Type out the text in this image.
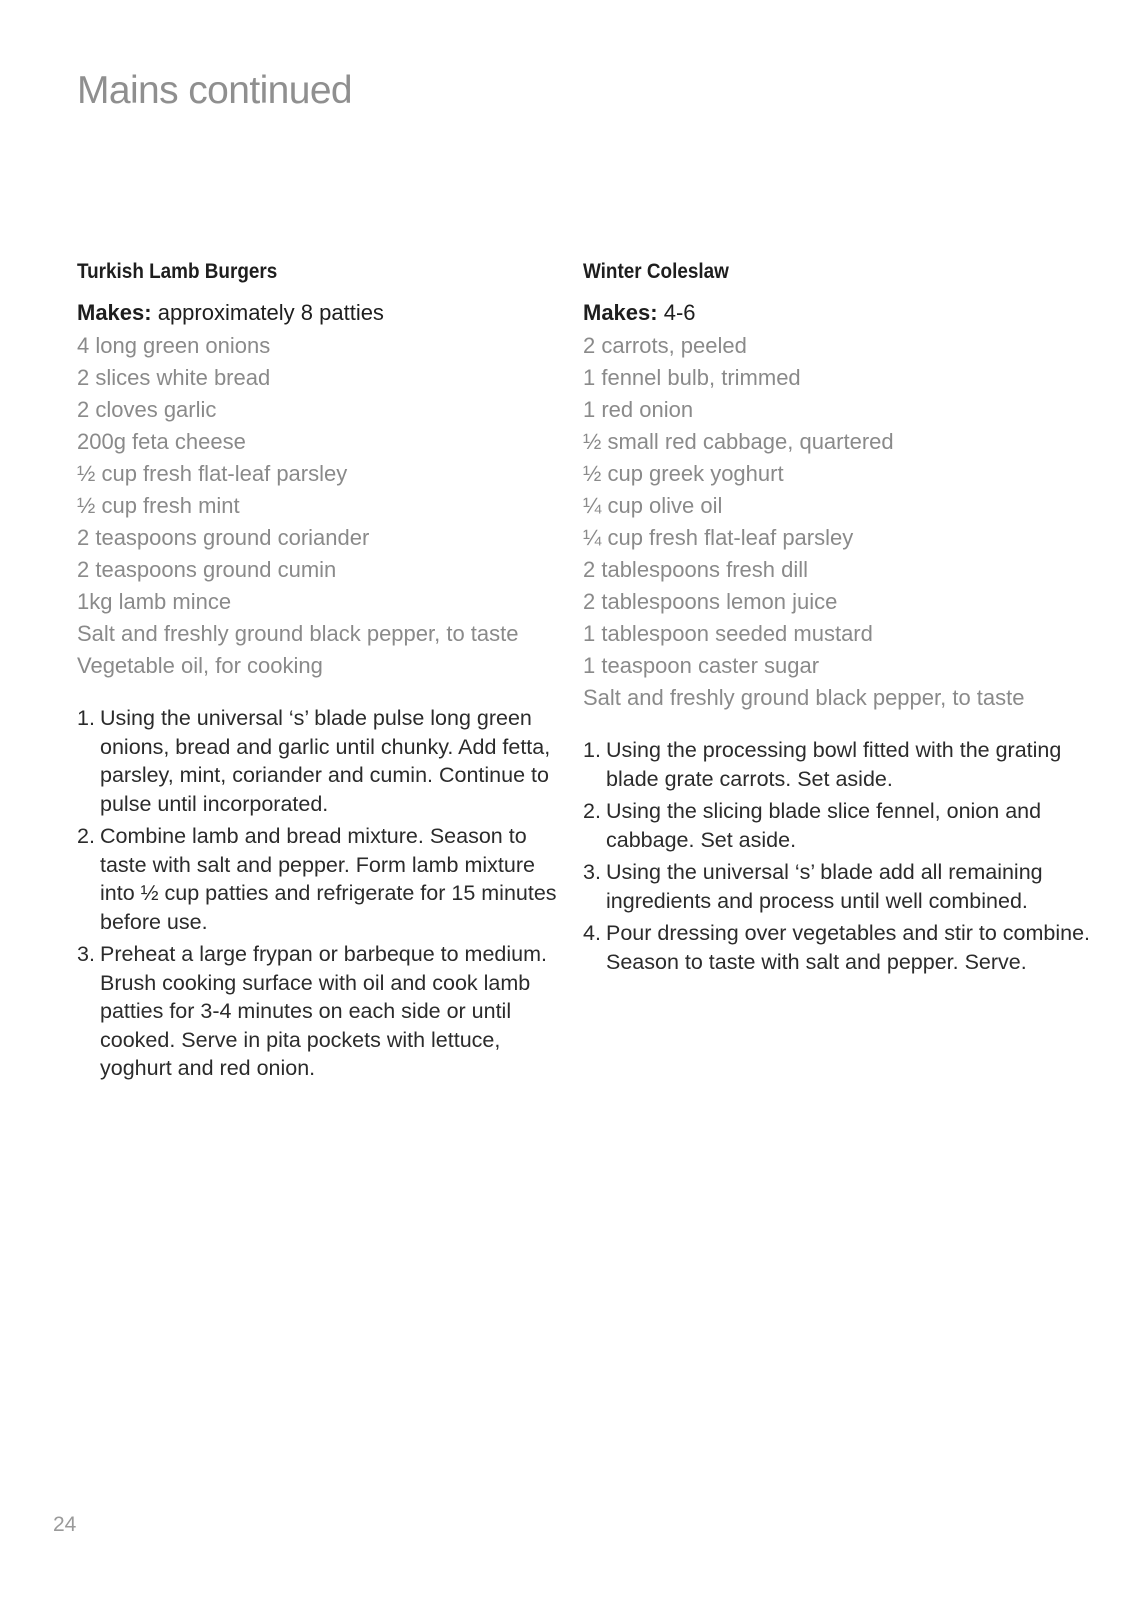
Mains continued
Turkish Lamb Burgers
Makes: approximately 8 patties
4 long green onions
2 slices white bread
2 cloves garlic
200g feta cheese
½ cup fresh flat-leaf parsley
½ cup fresh mint
2 teaspoons ground coriander
2 teaspoons ground cumin
1kg lamb mince
Salt and freshly ground black pepper, to taste
Vegetable oil, for cooking
1. Using the universal ‘s’ blade pulse long green onions, bread and garlic until chunky. Add fetta, parsley, mint, coriander and cumin. Continue to pulse until incorporated.
2. Combine lamb and bread mixture. Season to taste with salt and pepper. Form lamb mixture into ½ cup patties and refrigerate for 15 minutes before use.
3. Preheat a large frypan or barbeque to medium. Brush cooking surface with oil and cook lamb patties for 3-4 minutes on each side or until cooked. Serve in pita pockets with lettuce, yoghurt and red onion.
Winter Coleslaw
Makes: 4-6
2 carrots, peeled
1 fennel bulb, trimmed
1 red onion
½ small red cabbage, quartered
½ cup greek yoghurt
¼ cup olive oil
¼ cup fresh flat-leaf parsley
2 tablespoons fresh dill
2 tablespoons lemon juice
1 tablespoon seeded mustard
1 teaspoon caster sugar
Salt and freshly ground black pepper, to taste
1. Using the processing bowl fitted with the grating blade grate carrots. Set aside.
2. Using the slicing blade slice fennel, onion and cabbage. Set aside.
3. Using the universal ‘s’ blade add all remaining ingredients and process until well combined.
4. Pour dressing over vegetables and stir to combine. Season to taste with salt and pepper. Serve.
24
